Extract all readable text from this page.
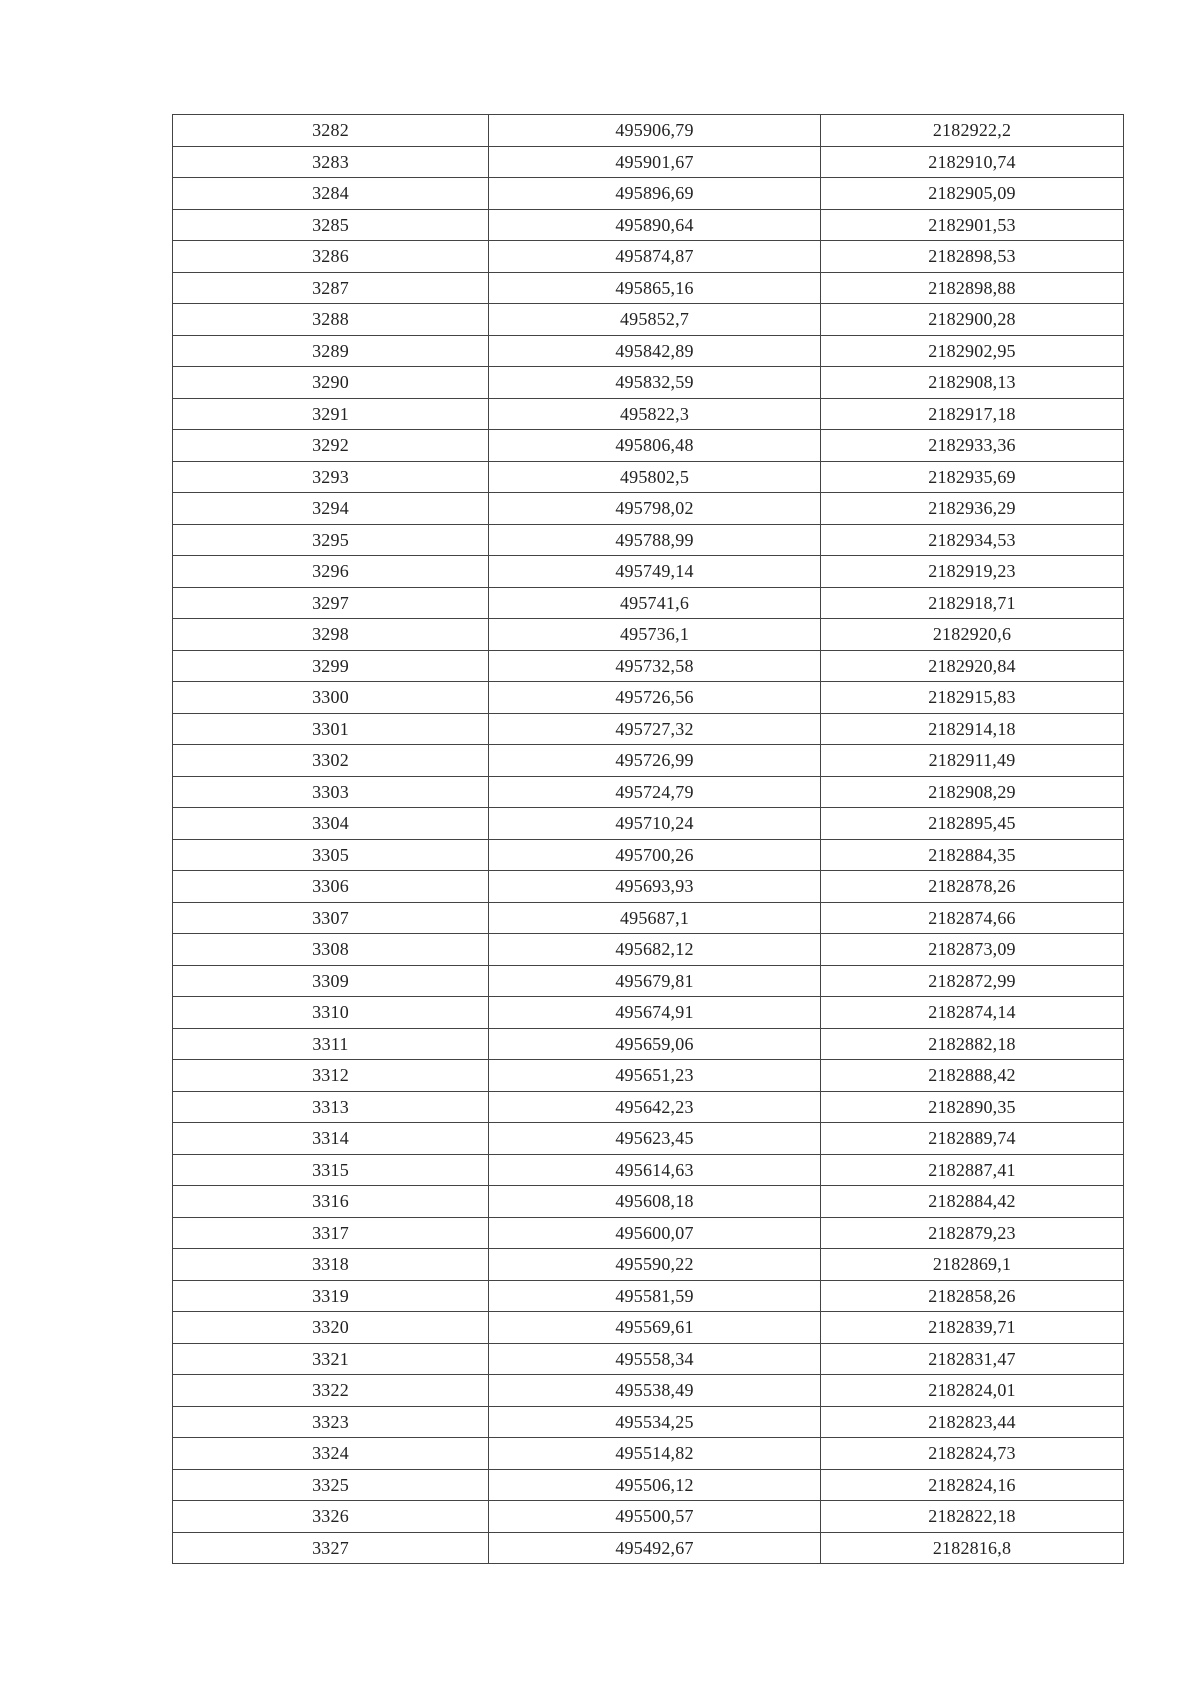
3282	495906,79	2182922,2
3283	495901,67	2182910,74
3284	495896,69	2182905,09
3285	495890,64	2182901,53
3286	495874,87	2182898,53
3287	495865,16	2182898,88
3288	495852,7	2182900,28
3289	495842,89	2182902,95
3290	495832,59	2182908,13
3291	495822,3	2182917,18
3292	495806,48	2182933,36
3293	495802,5	2182935,69
3294	495798,02	2182936,29
3295	495788,99	2182934,53
3296	495749,14	2182919,23
3297	495741,6	2182918,71
3298	495736,1	2182920,6
3299	495732,58	2182920,84
3300	495726,56	2182915,83
3301	495727,32	2182914,18
3302	495726,99	2182911,49
3303	495724,79	2182908,29
3304	495710,24	2182895,45
3305	495700,26	2182884,35
3306	495693,93	2182878,26
3307	495687,1	2182874,66
3308	495682,12	2182873,09
3309	495679,81	2182872,99
3310	495674,91	2182874,14
3311	495659,06	2182882,18
3312	495651,23	2182888,42
3313	495642,23	2182890,35
3314	495623,45	2182889,74
3315	495614,63	2182887,41
3316	495608,18	2182884,42
3317	495600,07	2182879,23
3318	495590,22	2182869,1
3319	495581,59	2182858,26
3320	495569,61	2182839,71
3321	495558,34	2182831,47
3322	495538,49	2182824,01
3323	495534,25	2182823,44
3324	495514,82	2182824,73
3325	495506,12	2182824,16
3326	495500,57	2182822,18
3327	495492,67	2182816,8
